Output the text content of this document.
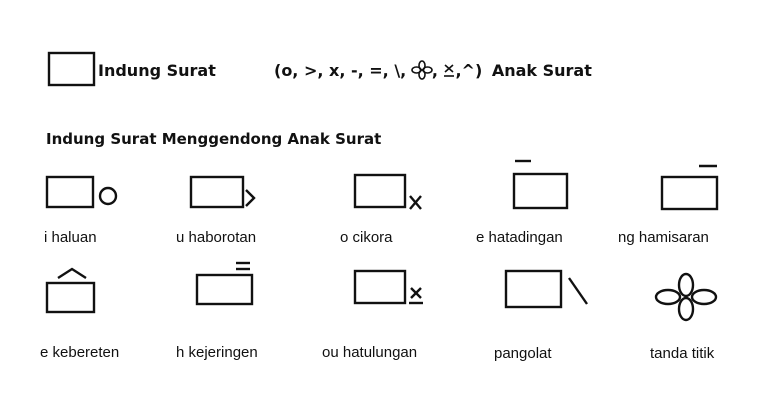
Indung Surat	(o, >, x, -, =, \, , ,^) Anak Surat
Indung Surat Menggendong Anak Surat
i haluan	u haborotan	o cikora	e hatadingan	ng hamisaran
e kebereten	h kejeringen	ou hatulungan	pangolat	tanda titik
